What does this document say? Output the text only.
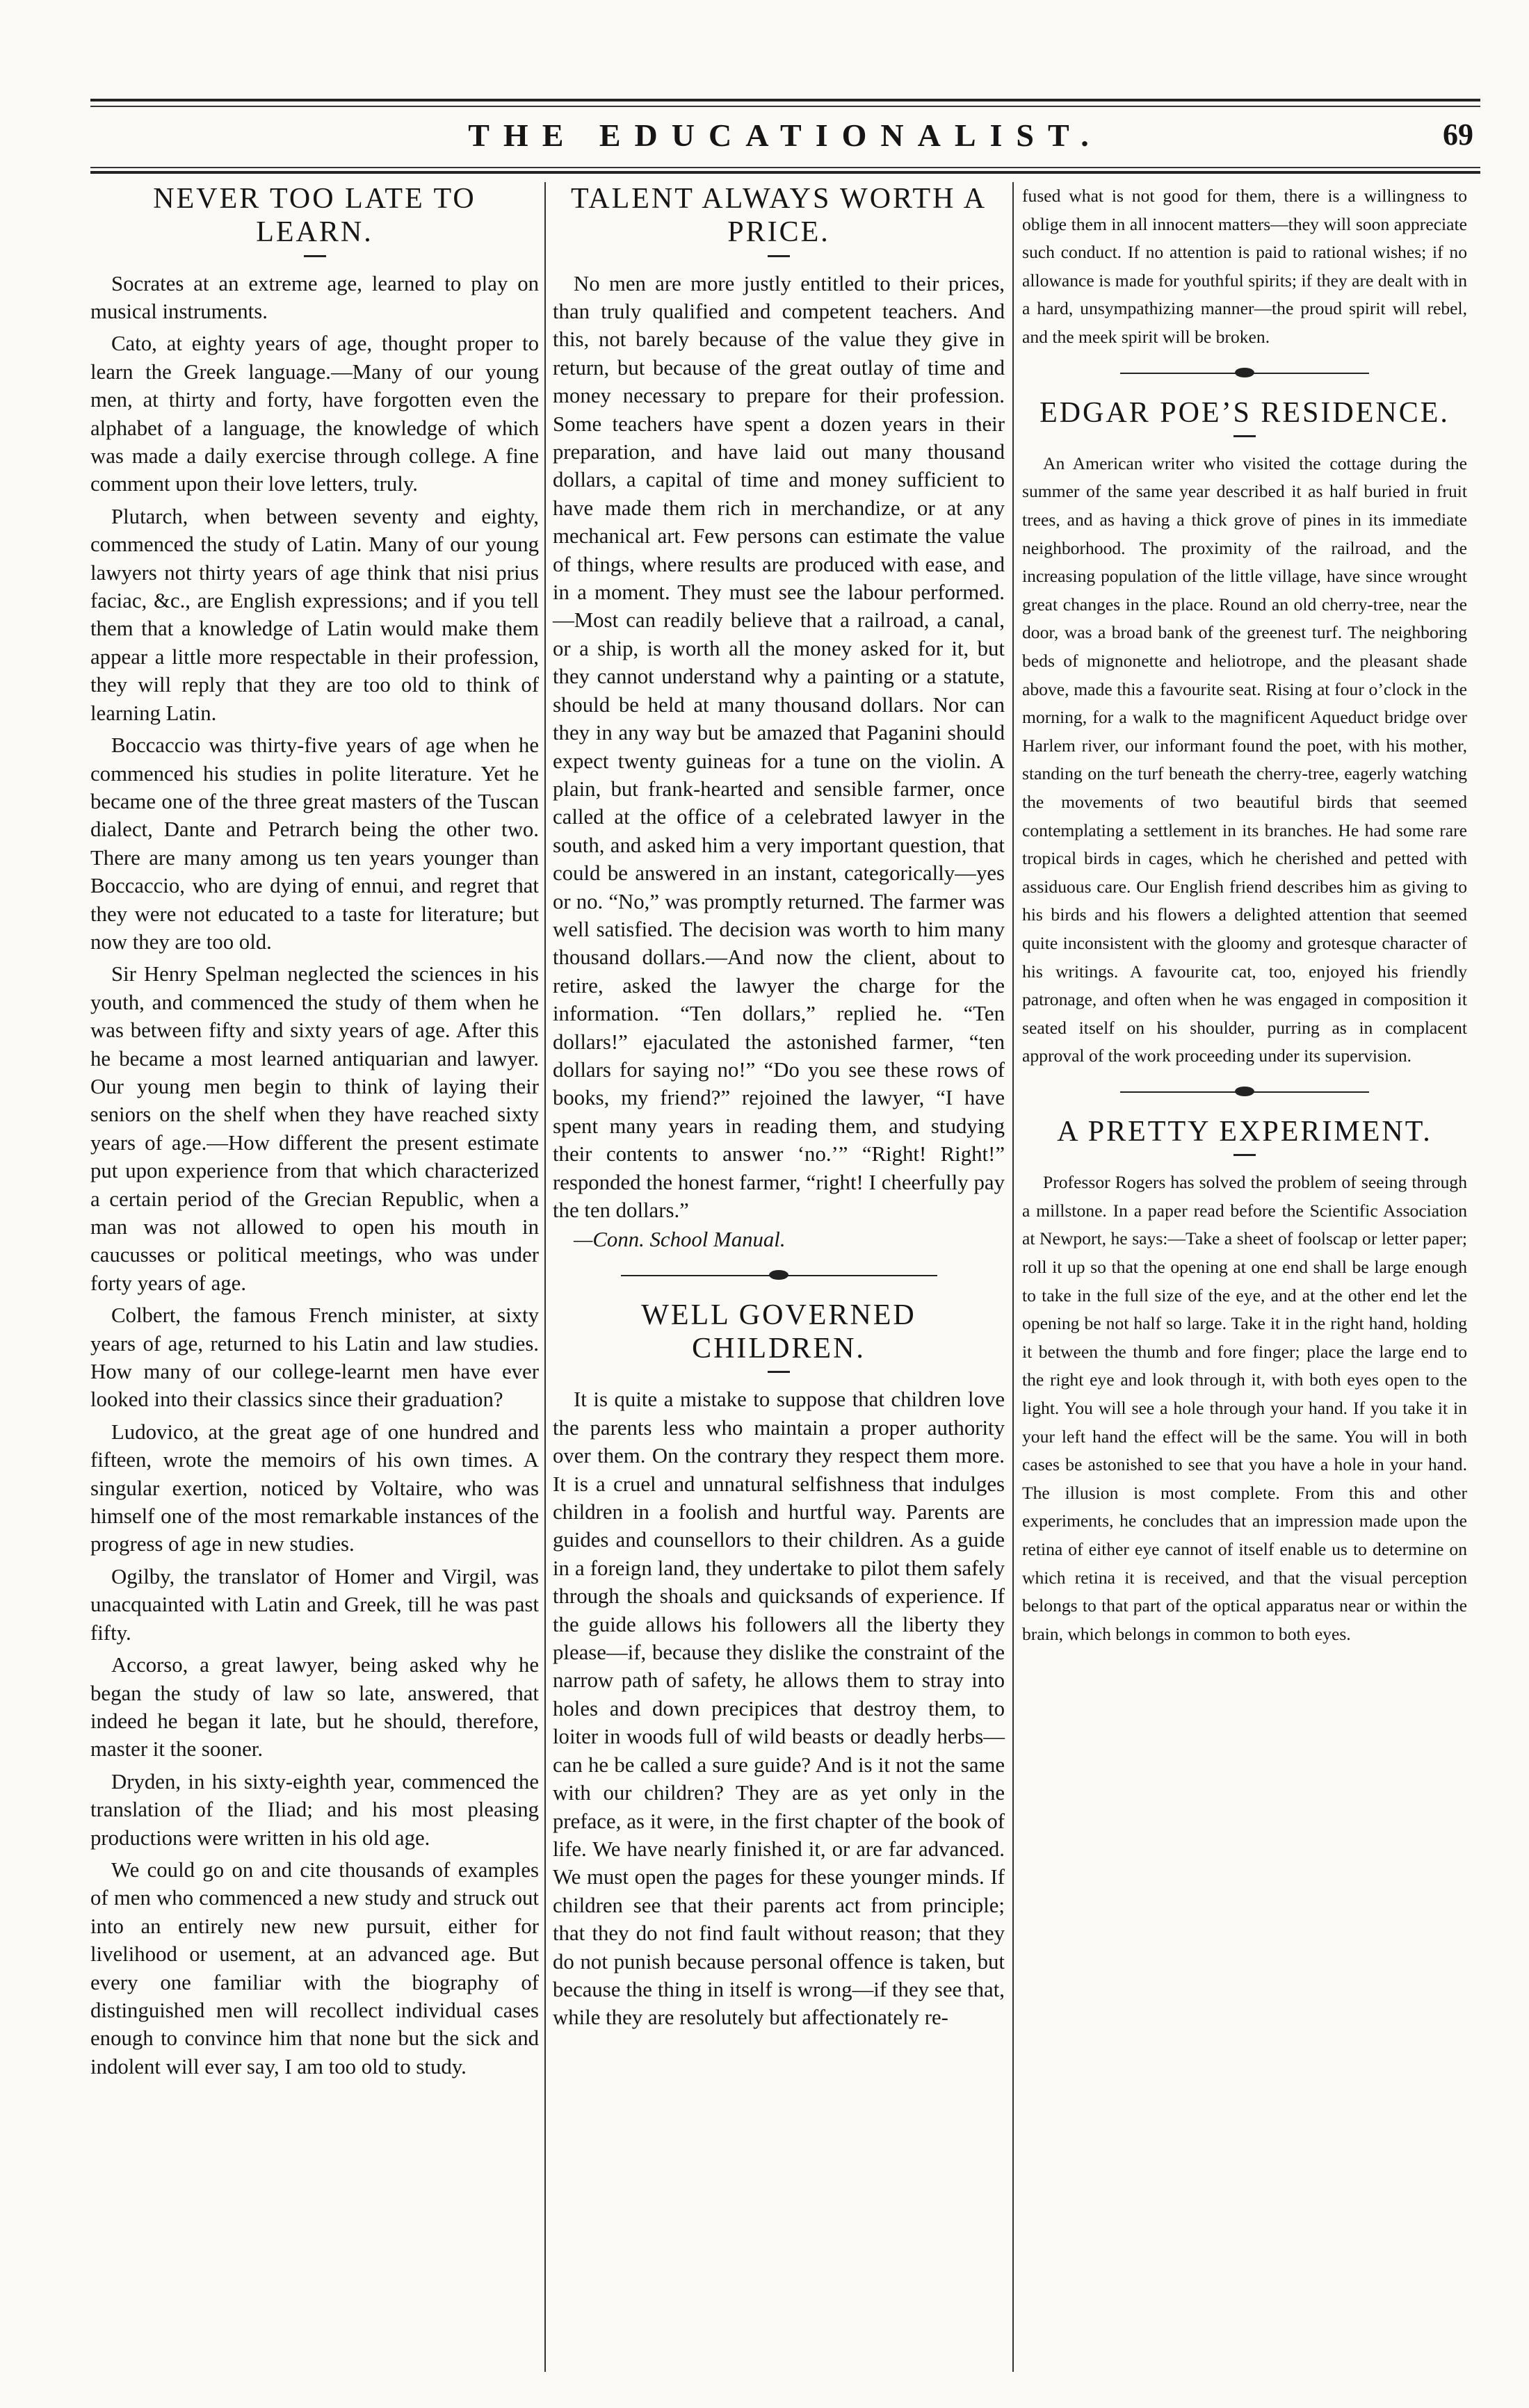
THE EDUCATIONALIST.	69
NEVER TOO LATE TO LEARN.

Socrates at an extreme age, learned to play on musical instruments.

Cato, at eighty years of age, thought proper to learn the Greek language.—Many of our young men, at thirty and forty, have forgotten even the alphabet of a language, the knowledge of which was made a daily exercise through college. A fine comment upon their love letters, truly.

Plutarch, when between seventy and eighty, commenced the study of Latin. Many of our young lawyers not thirty years of age think that nisi prius faciac, &c., are English expressions; and if you tell them that a knowledge of Latin would make them appear a little more respectable in their profession, they will reply that they are too old to think of learning Latin.

Boccaccio was thirty-five years of age when he commenced his studies in polite literature. Yet he became one of the three great masters of the Tuscan dialect, Dante and Petrarch being the other two. There are many among us ten years younger than Boccaccio, who are dying of ennui, and regret that they were not educated to a taste for literature; but now they are too old.

Sir Henry Spelman neglected the sciences in his youth, and commenced the study of them when he was between fifty and sixty years of age. After this he became a most learned antiquarian and lawyer. Our young men begin to think of laying their seniors on the shelf when they have reached sixty years of age.—How different the present estimate put upon experience from that which characterized a certain period of the Grecian Republic, when a man was not allowed to open his mouth in caucusses or political meetings, who was under forty years of age.

Colbert, the famous French minister, at sixty years of age, returned to his Latin and law studies. How many of our college-learnt men have ever looked into their classics since their graduation?

Ludovico, at the great age of one hundred and fifteen, wrote the memoirs of his own times. A singular exertion, noticed by Voltaire, who was himself one of the most remarkable instances of the progress of age in new studies.

Ogilby, the translator of Homer and Virgil, was unacquainted with Latin and Greek, till he was past fifty.

Accorso, a great lawyer, being asked why he began the study of law so late, answered, that indeed he began it late, but he should, therefore, master it the sooner.

Dryden, in his sixty-eighth year, commenced the translation of the Iliad; and his most pleasing productions were written in his old age.

We could go on and cite thousands of examples of men who commenced a new study and struck out into an entirely new new pursuit, either for livelihood or usement, at an advanced age. But every one familiar with the biography of distinguished men will recollect individual cases enough to convince him that none but the sick and indolent will ever say, I am too old to study.

TALENT ALWAYS WORTH A PRICE.

No men are more justly entitled to their prices, than truly qualified and competent teachers. And this, not barely because of the value they give in return, but because of the great outlay of time and money necessary to prepare for their profession. Some teachers have spent a dozen years in their preparation, and have laid out many thousand dollars, a capital of time and money sufficient to have made them rich in merchandize, or at any mechanical art. Few persons can estimate the value of things, where results are produced with ease, and in a moment. They must see the labour performed.—Most can readily believe that a railroad, a canal, or a ship, is worth all the money asked for it, but they cannot understand why a painting or a statute, should be held at many thousand dollars. Nor can they in any way but be amazed that Paganini should expect twenty guineas for a tune on the violin. A plain, but frank-hearted and sensible farmer, once called at the office of a celebrated lawyer in the south, and asked him a very important question, that could be answered in an instant, categorically—yes or no. “No,” was promptly returned. The farmer was well satisfied. The decision was worth to him many thousand dollars.—And now the client, about to retire, asked the lawyer the charge for the information. “Ten dollars,” replied he. “Ten dollars!” ejaculated the astonished farmer, “ten dollars for saying no!” “Do you see these rows of books, my friend?” rejoined the lawyer, “I have spent many years in reading them, and studying their contents to answer ‘no.’” “Right! Right!” responded the honest farmer, “right! I cheerfully pay the ten dollars.”

—Conn. School Manual.

WELL GOVERNED CHILDREN.

It is quite a mistake to suppose that children love the parents less who maintain a proper authority over them. On the contrary they respect them more. It is a cruel and unnatural selfishness that indulges children in a foolish and hurtful way. Parents are guides and counsellors to their children. As a guide in a foreign land, they undertake to pilot them safely through the shoals and quicksands of experience. If the guide allows his followers all the liberty they please—if, because they dislike the constraint of the narrow path of safety, he allows them to stray into holes and down precipices that destroy them, to loiter in woods full of wild beasts or deadly herbs—can he be called a sure guide? And is it not the same with our children? They are as yet only in the preface, as it were, in the first chapter of the book of life. We have nearly finished it, or are far advanced. We must open the pages for these younger minds. If children see that their parents act from principle; that they do not find fault without reason; that they do not punish because personal offence is taken, but because the thing in itself is wrong—if they see that, while they are resolutely but affectionately re-

fused what is not good for them, there is a willingness to oblige them in all innocent matters—they will soon appreciate such conduct. If no attention is paid to rational wishes; if no allowance is made for youthful spirits; if they are dealt with in a hard, unsympathizing manner—the proud spirit will rebel, and the meek spirit will be broken.

EDGAR POE’S RESIDENCE.

An American writer who visited the cottage during the summer of the same year described it as half buried in fruit trees, and as having a thick grove of pines in its immediate neighborhood. The proximity of the railroad, and the increasing population of the little village, have since wrought great changes in the place. Round an old cherry-tree, near the door, was a broad bank of the greenest turf. The neighboring beds of mignonette and heliotrope, and the pleasant shade above, made this a favourite seat. Rising at four o’clock in the morning, for a walk to the magnificent Aqueduct bridge over Harlem river, our informant found the poet, with his mother, standing on the turf beneath the cherry-tree, eagerly watching the movements of two beautiful birds that seemed contemplating a settlement in its branches. He had some rare tropical birds in cages, which he cherished and petted with assiduous care. Our English friend describes him as giving to his birds and his flowers a delighted attention that seemed quite inconsistent with the gloomy and grotesque character of his writings. A favourite cat, too, enjoyed his friendly patronage, and often when he was engaged in composition it seated itself on his shoulder, purring as in complacent approval of the work proceeding under its supervision.

A PRETTY EXPERIMENT.

Professor Rogers has solved the problem of seeing through a millstone. In a paper read before the Scientific Association at Newport, he says:—Take a sheet of foolscap or letter paper; roll it up so that the opening at one end shall be large enough to take in the full size of the eye, and at the other end let the opening be not half so large. Take it in the right hand, holding it between the thumb and fore finger; place the large end to the right eye and look through it, with both eyes open to the light. You will see a hole through your hand. If you take it in your left hand the effect will be the same. You will in both cases be astonished to see that you have a hole in your hand. The illusion is most complete. From this and other experiments, he concludes that an impression made upon the retina of either eye cannot of itself enable us to determine on which retina it is received, and that the visual perception belongs to that part of the optical apparatus near or within the brain, which belongs in common to both eyes.
